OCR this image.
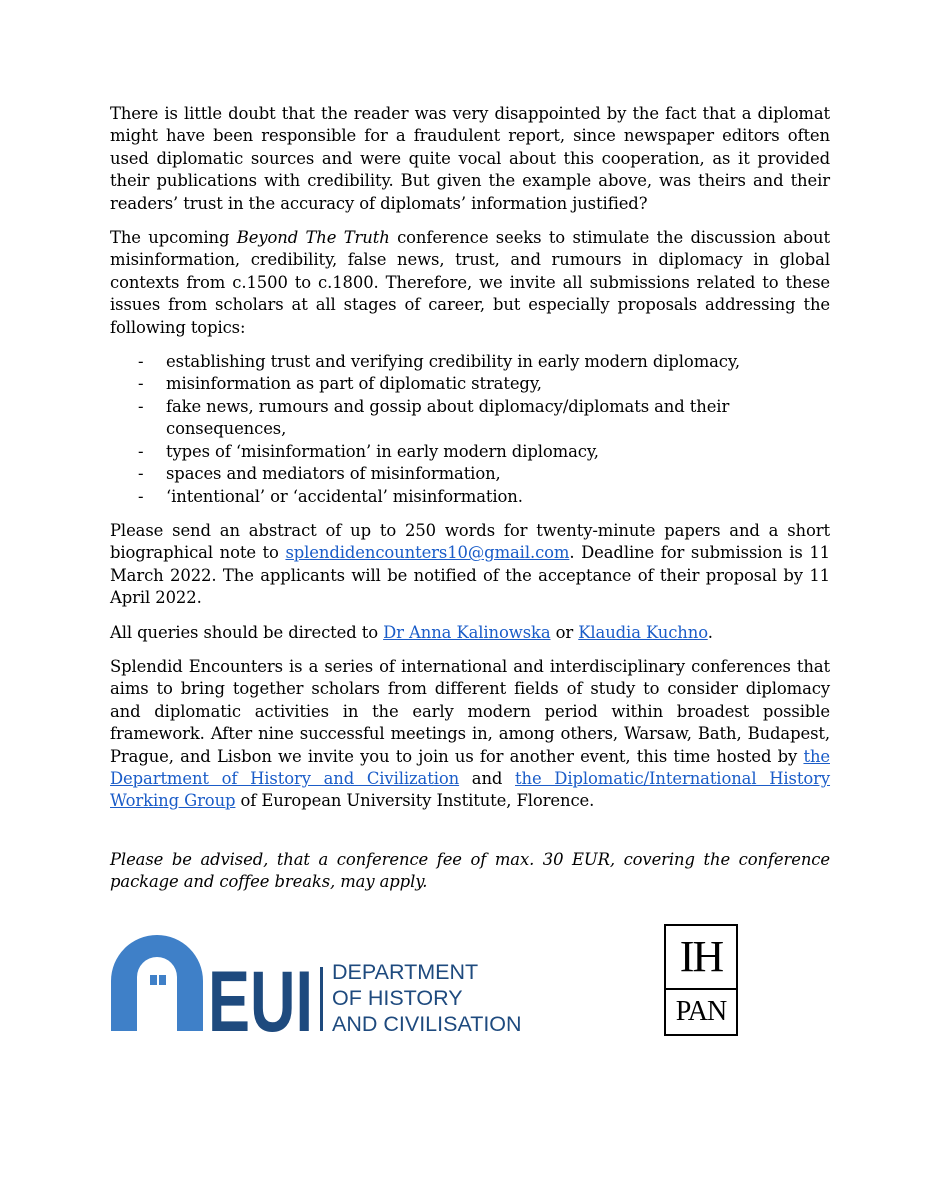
There is little doubt that the reader was very disappointed by the fact that a diplomat might have been responsible for a fraudulent report, since newspaper editors often used diplomatic sources and were quite vocal about this cooperation, as it provided their publications with credibility. But given the example above, was theirs and their readers’ trust in the accuracy of diplomats’ information justified?

The upcoming Beyond The Truth conference seeks to stimulate the discussion about misinformation, credibility, false news, trust, and rumours in diplomacy in global contexts from c.1500 to c.1800. Therefore, we invite all submissions related to these issues from scholars at all stages of career, but especially proposals addressing the following topics:

- establishing trust and verifying credibility in early modern diplomacy,
- misinformation as part of diplomatic strategy,
- fake news, rumours and gossip about diplomacy/diplomats and their consequences,
- types of ‘misinformation’ in early modern diplomacy,
- spaces and mediators of misinformation,
- ‘intentional’ or ‘accidental’ misinformation.

Please send an abstract of up to 250 words for twenty-minute papers and a short biographical note to splendidencounters10@gmail.com. Deadline for submission is 11 March 2022. The applicants will be notified of the acceptance of their proposal by 11 April 2022.

All queries should be directed to Dr Anna Kalinowska or Klaudia Kuchno.

Splendid Encounters is a series of international and interdisciplinary conferences that aims to bring together scholars from different fields of study to consider diplomacy and diplomatic activities in the early modern period within broadest possible framework. After nine successful meetings in, among others, Warsaw, Bath, Budapest, Prague, and Lisbon we invite you to join us for another event, this time hosted by the Department of History and Civilization and the Diplomatic/International History Working Group of European University Institute, Florence.

Please be advised, that a conference fee of max. 30 EUR, covering the conference package and coffee breaks, may apply.

EUI DEPARTMENT
OF HISTORY
AND CIVILISATION
IH
PAN
